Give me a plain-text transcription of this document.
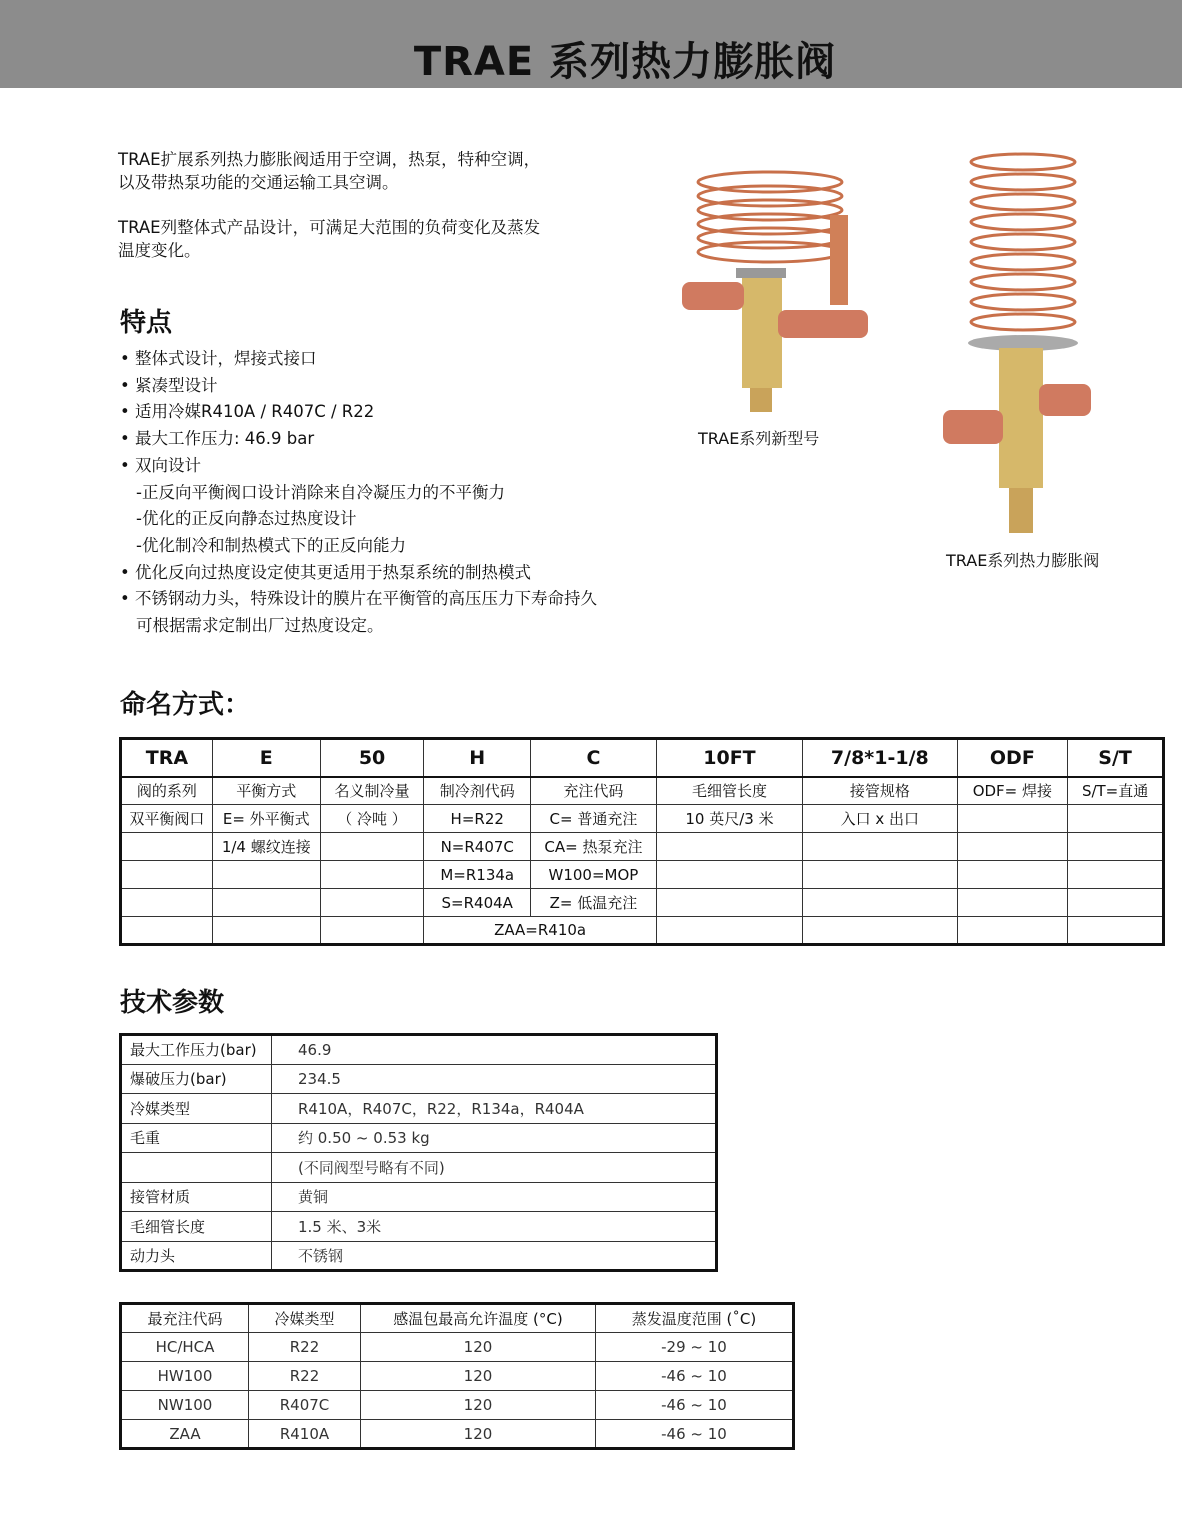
TRAE 系列热力膨胀阀
TRAE扩展系列热力膨胀阀适用于空调，热泵，特种空调，
以及带热泵功能的交通运输工具空调。
TRAE列整体式产品设计，可满足大范围的负荷变化及蒸发
温度变化。
特点
• 整体式设计，焊接式接口
• 紧凑型设计
• 适用冷媒R410A / R407C / R22
• 最大工作压力: 46.9 bar
• 双向设计
-正反向平衡阀口设计消除来自冷凝压力的不平衡力
-优化的正反向静态过热度设计
-优化制冷和制热模式下的正反向能力
• 优化反向过热度设定使其更适用于热泵系统的制热模式
• 不锈钢动力头，特殊设计的膜片在平衡管的高压压力下寿命持久
可根据需求定制出厂过热度设定。
TRAE系列新型号
TRAE系列热力膨胀阀
命名方式：
TRA	E	50	H	C	10FT	7/8*1-1/8	ODF	S/T
阀的系列	平衡方式	名义制冷量	制冷剂代码	充注代码	毛细管长度	接管规格	ODF= 焊接	S/T=直通
双平衡阀口	E= 外平衡式	（ 冷吨 ）	H=R22	C= 普通充注	10 英尺/3 米	入口 x 出口		
	1/4 螺纹连接		N=R407C	CA= 热泵充注				
			M=R134a	W100=MOP				
			S=R404A	Z= 低温充注				
			ZAA=R410a					
技术参数
最大工作压力(bar)	46.9
爆破压力(bar)	234.5
冷媒类型	R410A，R407C，R22，R134a，R404A
毛重	约 0.50 ~ 0.53 kg
	(不同阀型号略有不同)
接管材质	黄铜
毛细管长度	1.5 米、3米
动力头	不锈钢
最充注代码	冷媒类型	感温包最高允许温度 (°C)	蒸发温度范围 (˚C)
HC/HCA	R22	120	-29 ~ 10
HW100	R22	120	-46 ~ 10
NW100	R407C	120	-46 ~ 10
ZAA	R410A	120	-46 ~ 10
